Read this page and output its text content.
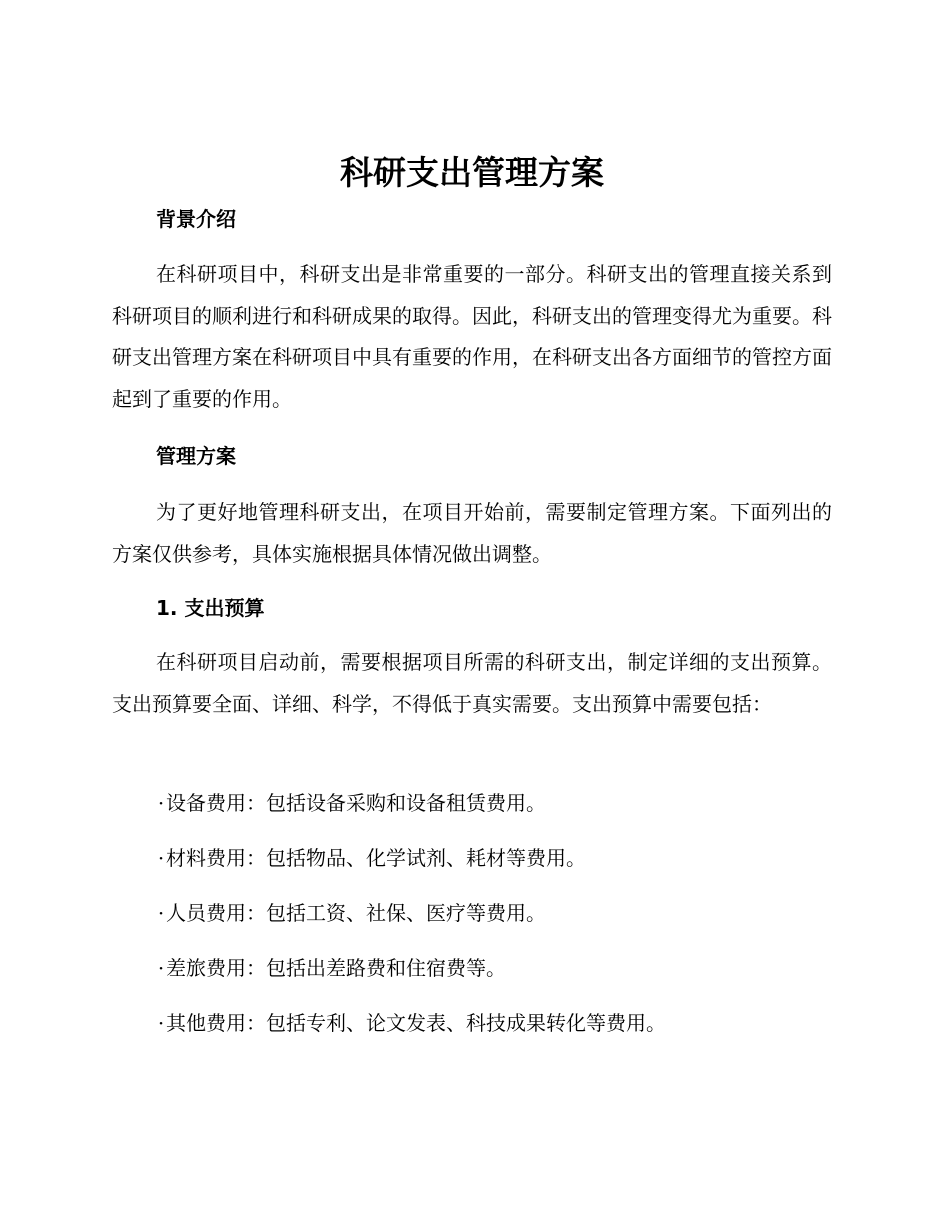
科研支出管理方案
背景介绍

在科研项目中，科研支出是非常重要的一部分。科研支出的管理直接关系到科研项目的顺利进行和科研成果的取得。因此，科研支出的管理变得尤为重要。科研支出管理方案在科研项目中具有重要的作用，在科研支出各方面细节的管控方面起到了重要的作用。

管理方案

为了更好地管理科研支出，在项目开始前，需要制定管理方案。下面列出的方案仅供参考，具体实施根据具体情况做出调整。

1. 支出预算

在科研项目启动前，需要根据项目所需的科研支出，制定详细的支出预算。支出预算要全面、详细、科学，不得低于真实需要。支出预算中需要包括：

·设备费用：包括设备采购和设备租赁费用。
·材料费用：包括物品、化学试剂、耗材等费用。
·人员费用：包括工资、社保、医疗等费用。
·差旅费用：包括出差路费和住宿费等。
·其他费用：包括专利、论文发表、科技成果转化等费用。
